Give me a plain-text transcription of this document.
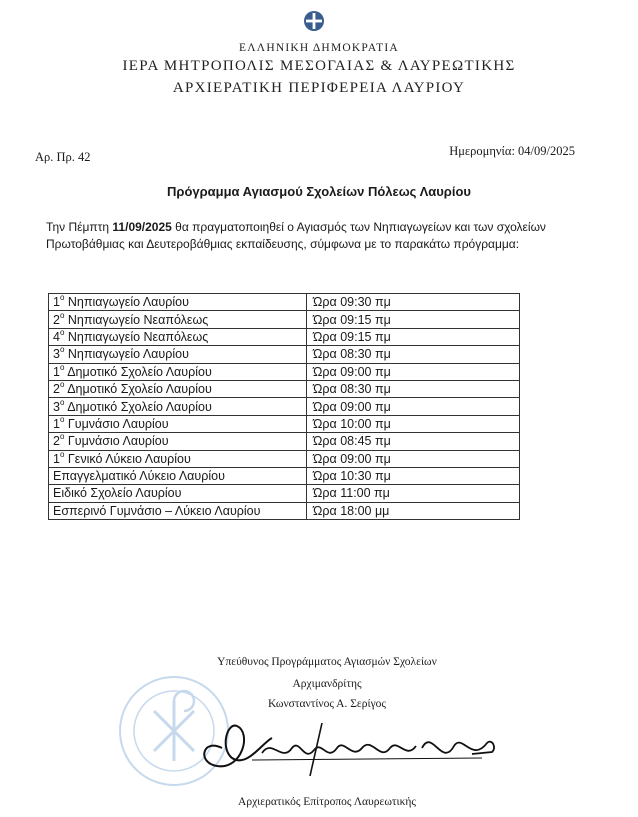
ΕΛΛΗΝΙΚΗ ΔΗΜΟΚΡΑΤΙΑ
ΙΕΡΑ ΜΗΤΡΟΠΟΛΙΣ ΜΕΣΟΓΑΙΑΣ & ΛΑΥΡΕΩΤΙΚΗΣ
ΑΡΧΙΕΡΑΤΙΚΗ ΠΕΡΙΦΕΡΕΙΑ ΛΑΥΡΙΟΥ
Αρ. Πρ. 42	Ημερομηνία: 04/09/2025
Πρόγραμμα Αγιασμού Σχολείων Πόλεως Λαυρίου
Την Πέμπτη 11/09/2025 θα πραγματοποιηθεί ο Αγιασμός των Νηπιαγωγείων και των σχολείων Πρωτοβάθμιας και Δευτεροβάθμιας εκπαίδευσης, σύμφωνα με το παρακάτω πρόγραμμα:
$1^o$ Νηπιαγωγείο Λαυρίου	Ώρα 09:30 πμ
$2^o$ Νηπιαγωγείο Νεαπόλεως	Ώρα 09:15 πμ
$4^o$ Νηπιαγωγείο Νεαπόλεως	Ώρα 09:15 πμ
$3^o$ Νηπιαγωγείο Λαυρίου	Ώρα 08:30 πμ
$1^o$ Δημοτικό Σχολείο Λαυρίου	Ώρα 09:00 πμ
$2^o$ Δημοτικό Σχολείο Λαυρίου	Ώρα 08:30 πμ
$3^o$ Δημοτικό Σχολείο Λαυρίου	Ώρα 09:00 πμ
$1^o$ Γυμνάσιο Λαυρίου	Ώρα 10:00 πμ
$2^o$ Γυμνάσιο Λαυρίου	Ώρα 08:45 πμ
$1^o$ Γενικό Λύκειο Λαυρίου	Ώρα 09:00 πμ
Επαγγελματικό Λύκειο Λαυρίου	Ώρα 10:30 πμ
Ειδικό Σχολείο Λαυρίου	Ώρα 11:00 πμ
Εσπερινό Γυμνάσιο – Λύκειο Λαυρίου	Ώρα 18:00 μμ
Υπεύθυνος Προγράμματος Αγιασμών Σχολείων
Αρχιμανδρίτης
Κωνσταντίνος Α. Σερίγος
Αρχιερατικός Επίτροπος Λαυρεωτικής
